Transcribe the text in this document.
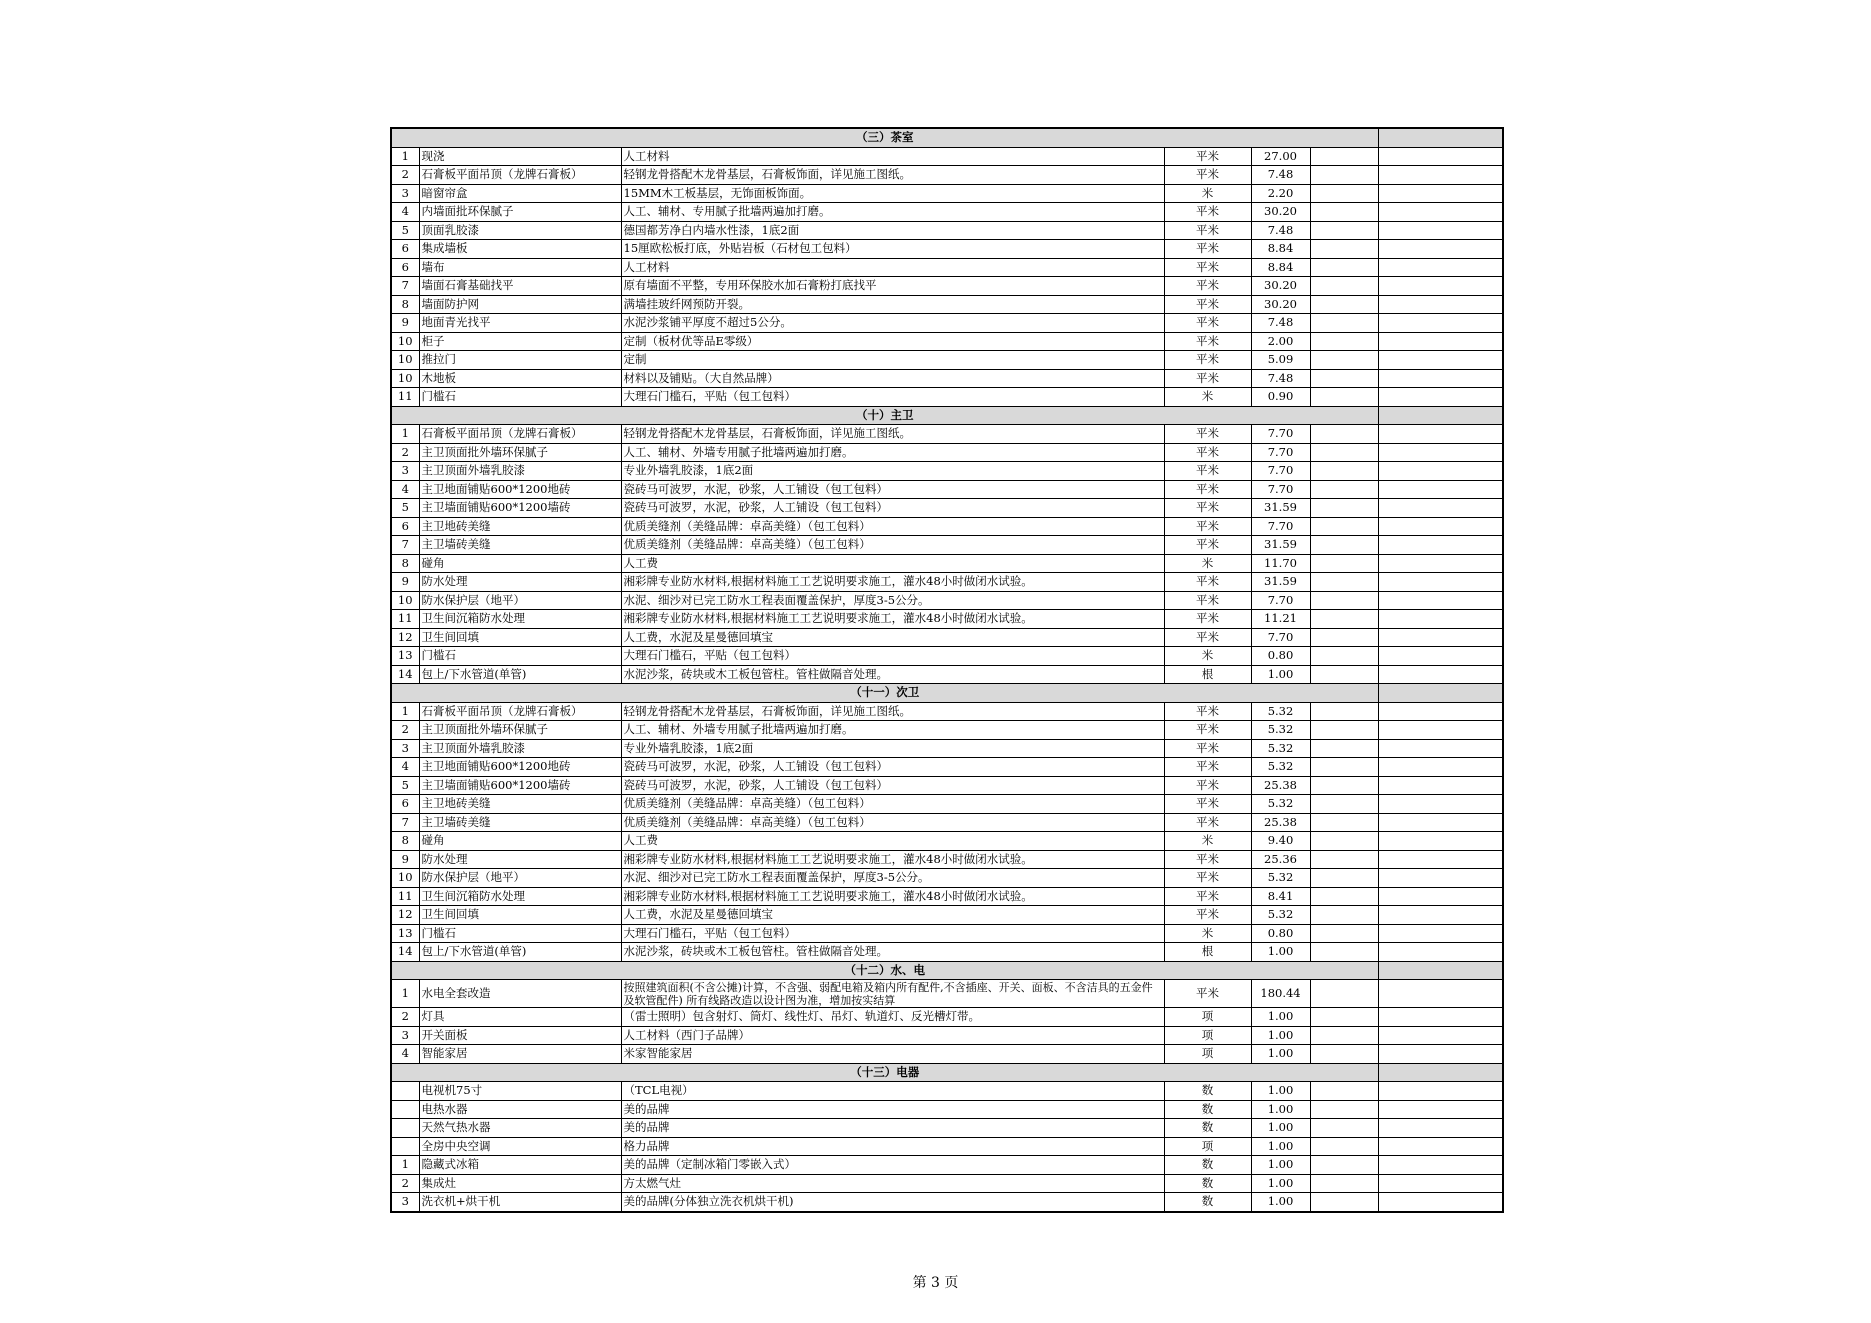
（三）茶室						
1	现浇	人工材料	平米	27.00		
2	石膏板平面吊顶（龙牌石膏板）	轻钢龙骨搭配木龙骨基层，石膏板饰面，详见施工图纸。	平米	7.48		
3	暗窗帘盒	15MM木工板基层，无饰面板饰面。	米	2.20		
4	内墙面批环保腻子	人工、辅材、专用腻子批墙两遍加打磨。	平米	30.20		
5	顶面乳胶漆	德国都芳净白内墙水性漆，1底2面	平米	7.48		
6	集成墙板	15厘欧松板打底，外贴岩板（石材包工包料）	平米	8.84		
6	墙布	人工材料	平米	8.84		
7	墙面石膏基础找平	原有墙面不平整，专用环保胶水加石膏粉打底找平	平米	30.20		
8	墙面防护网	满墙挂玻纤网预防开裂。	平米	30.20		
9	地面青光找平	水泥沙浆铺平厚度不超过5公分。	平米	7.48		
10	柜子	定制（板材优等品E零级）	平米	2.00		
10	推拉门	定制	平米	5.09		
10	木地板	材料以及铺贴。（大自然品牌）	平米	7.48		
11	门槛石	大理石门槛石，平贴（包工包料）	米	0.90		
（十）主卫						
1	石膏板平面吊顶（龙牌石膏板）	轻钢龙骨搭配木龙骨基层，石膏板饰面，详见施工图纸。	平米	7.70		
2	主卫顶面批外墙环保腻子	人工、辅材、外墙专用腻子批墙两遍加打磨。	平米	7.70		
3	主卫顶面外墙乳胶漆	专业外墙乳胶漆，1底2面	平米	7.70		
4	主卫地面铺贴600*1200地砖	瓷砖马可波罗，水泥，砂浆，人工铺设（包工包料）	平米	7.70		
5	主卫墙面铺贴600*1200墙砖	瓷砖马可波罗，水泥，砂浆，人工铺设（包工包料）	平米	31.59		
6	主卫地砖美缝	优质美缝剂（美缝品牌：卓高美缝）（包工包料）	平米	7.70		
7	主卫墙砖美缝	优质美缝剂（美缝品牌：卓高美缝）（包工包料）	平米	31.59		
8	碰角	人工费	米	11.70		
9	防水处理	湘彩牌专业防水材料,根据材料施工工艺说明要求施工，灌水48小时做闭水试验。	平米	31.59		
10	防水保护层（地平）	水泥、细沙对已完工防水工程表面覆盖保护，厚度3-5公分。	平米	7.70		
11	卫生间沉箱防水处理	湘彩牌专业防水材料,根据材料施工工艺说明要求施工，灌水48小时做闭水试验。	平米	11.21		
12	卫生间回填	人工费，水泥及星曼德回填宝	平米	7.70		
13	门槛石	大理石门槛石，平贴（包工包料）	米	0.80		
14	包上/下水管道(单管)	水泥沙浆，砖块或木工板包管柱。管柱做隔音处理。	根	1.00		
（十一）次卫						
1	石膏板平面吊顶（龙牌石膏板）	轻钢龙骨搭配木龙骨基层，石膏板饰面，详见施工图纸。	平米	5.32		
2	主卫顶面批外墙环保腻子	人工、辅材、外墙专用腻子批墙两遍加打磨。	平米	5.32		
3	主卫顶面外墙乳胶漆	专业外墙乳胶漆，1底2面	平米	5.32		
4	主卫地面铺贴600*1200地砖	瓷砖马可波罗，水泥，砂浆，人工铺设（包工包料）	平米	5.32		
5	主卫墙面铺贴600*1200墙砖	瓷砖马可波罗，水泥，砂浆，人工铺设（包工包料）	平米	25.38		
6	主卫地砖美缝	优质美缝剂（美缝品牌：卓高美缝）（包工包料）	平米	5.32		
7	主卫墙砖美缝	优质美缝剂（美缝品牌：卓高美缝）（包工包料）	平米	25.38		
8	碰角	人工费	米	9.40		
9	防水处理	湘彩牌专业防水材料,根据材料施工工艺说明要求施工，灌水48小时做闭水试验。	平米	25.36		
10	防水保护层（地平）	水泥、细沙对已完工防水工程表面覆盖保护，厚度3-5公分。	平米	5.32		
11	卫生间沉箱防水处理	湘彩牌专业防水材料,根据材料施工工艺说明要求施工，灌水48小时做闭水试验。	平米	8.41		
12	卫生间回填	人工费，水泥及星曼德回填宝	平米	5.32		
13	门槛石	大理石门槛石，平贴（包工包料）	米	0.80		
14	包上/下水管道(单管)	水泥沙浆，砖块或木工板包管柱。管柱做隔音处理。	根	1.00		
（十二）水、电						
1	水电全套改造	按照建筑面积(不含公摊)计算，不含强、弱配电箱及箱内所有配件,不含插座、开关、面板、不含洁具的五金件及软管配件) 所有线路改造以设计图为准，增加按实结算	平米	180.44		
2	灯具	（雷士照明）包含射灯、筒灯、线性灯、吊灯、轨道灯、反光槽灯带。	项	1.00		
3	开关面板	人工材料（西门子品牌）	项	1.00		
4	智能家居	米家智能家居	项	1.00		
（十三）电器						
	电视机75寸	（TCL电视）	数	1.00		
	电热水器	美的品牌	数	1.00		
	天然气热水器	美的品牌	数	1.00		
	全房中央空调	格力品牌	项	1.00		
1	隐藏式冰箱	美的品牌（定制冰箱门零嵌入式）	数	1.00		
2	集成灶	方太燃气灶	数	1.00		
3	洗衣机+烘干机	美的品牌(分体独立洗衣机烘干机)	数	1.00		
第 3 页
